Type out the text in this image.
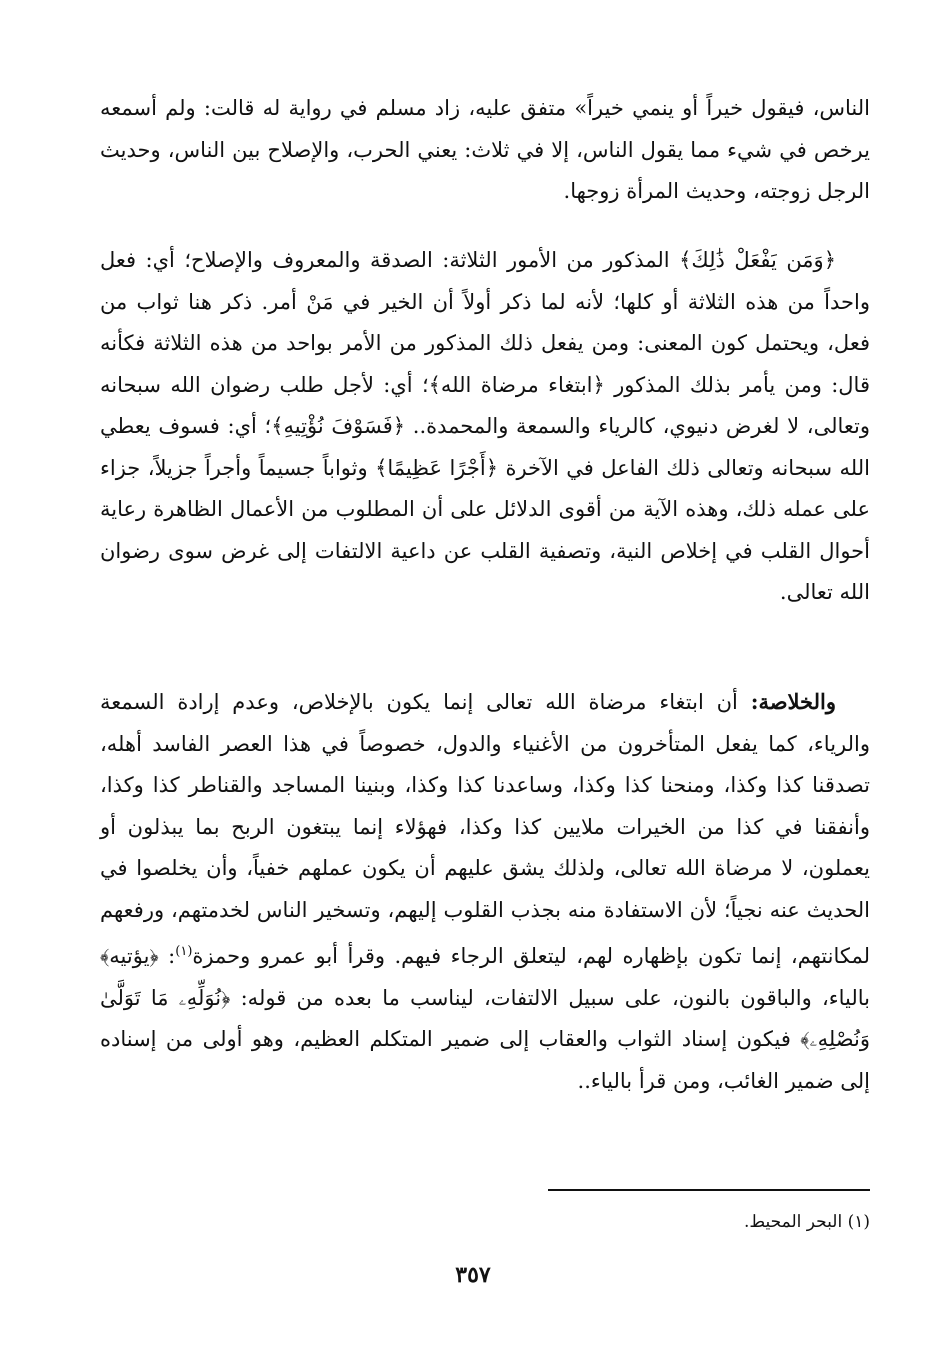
الناس، فيقول خيراً أو ينمي خيراً» متفق عليه، زاد مسلم في رواية له قالت: ولم أسمعه يرخص في شيء مما يقول الناس، إلا في ثلاث: يعني الحرب، والإصلاح بين الناس، وحديث الرجل زوجته، وحديث المرأة زوجها.

﴿وَمَن يَفْعَلْ ذَٰلِكَ﴾ المذكور من الأمور الثلاثة: الصدقة والمعروف والإصلاح؛ أي: فعل واحداً من هذه الثلاثة أو كلها؛ لأنه لما ذكر أولاً أن الخير في مَنْ أمر. ذكر هنا ثواب من فعل، ويحتمل كون المعنى: ومن يفعل ذلك المذكور من الأمر بواحد من هذه الثلاثة فكأنه قال: ومن يأمر بذلك المذكور ﴿ابتغاء مرضاة الله﴾؛ أي: لأجل طلب رضوان الله سبحانه وتعالى، لا لغرض دنيوي، كالرياء والسمعة والمحمدة.. ﴿فَسَوْفَ نُؤْتِيهِ﴾؛ أي: فسوف يعطي الله سبحانه وتعالى ذلك الفاعل في الآخرة ﴿أَجْرًا عَظِيمًا﴾ وثواباً جسيماً وأجراً جزيلاً، جزاء على عمله ذلك، وهذه الآية من أقوى الدلائل على أن المطلوب من الأعمال الظاهرة رعاية أحوال القلب في إخلاص النية، وتصفية القلب عن داعية الالتفات إلى غرض سوى رضوان الله تعالى.

والخلاصة: أن ابتغاء مرضاة الله تعالى إنما يكون بالإخلاص، وعدم إرادة السمعة والرياء، كما يفعل المتأخرون من الأغنياء والدول، خصوصاً في هذا العصر الفاسد أهله، تصدقنا كذا وكذا، ومنحنا كذا وكذا، وساعدنا كذا وكذا، وبنينا المساجد والقناطر كذا وكذا، وأنفقنا في كذا من الخيرات ملايين كذا وكذا، فهؤلاء إنما يبتغون الربح بما يبذلون أو يعملون، لا مرضاة الله تعالى، ولذلك يشق عليهم أن يكون عملهم خفياً، وأن يخلصوا في الحديث عنه نجياً؛ لأن الاستفادة منه بجذب القلوب إليهم، وتسخير الناس لخدمتهم، ورفعهم لمكانتهم، إنما تكون بإظهاره لهم، ليتعلق الرجاء فيهم. وقرأ أبو عمرو وحمزة$^{(١)}$: ﴿يؤتيه﴾ بالياء، والباقون بالنون، على سبيل الالتفات، ليناسب ما بعده من قوله: ﴿نُوَلِّهِۦ مَا تَوَلَّىٰ وَنُصْلِهِۦ﴾ فيكون إسناد الثواب والعقاب إلى ضمير المتكلم العظيم، وهو أولى من إسناده إلى ضمير الغائب، ومن قرأ بالياء..

(١) البحر المحيط.
٣٥٧
